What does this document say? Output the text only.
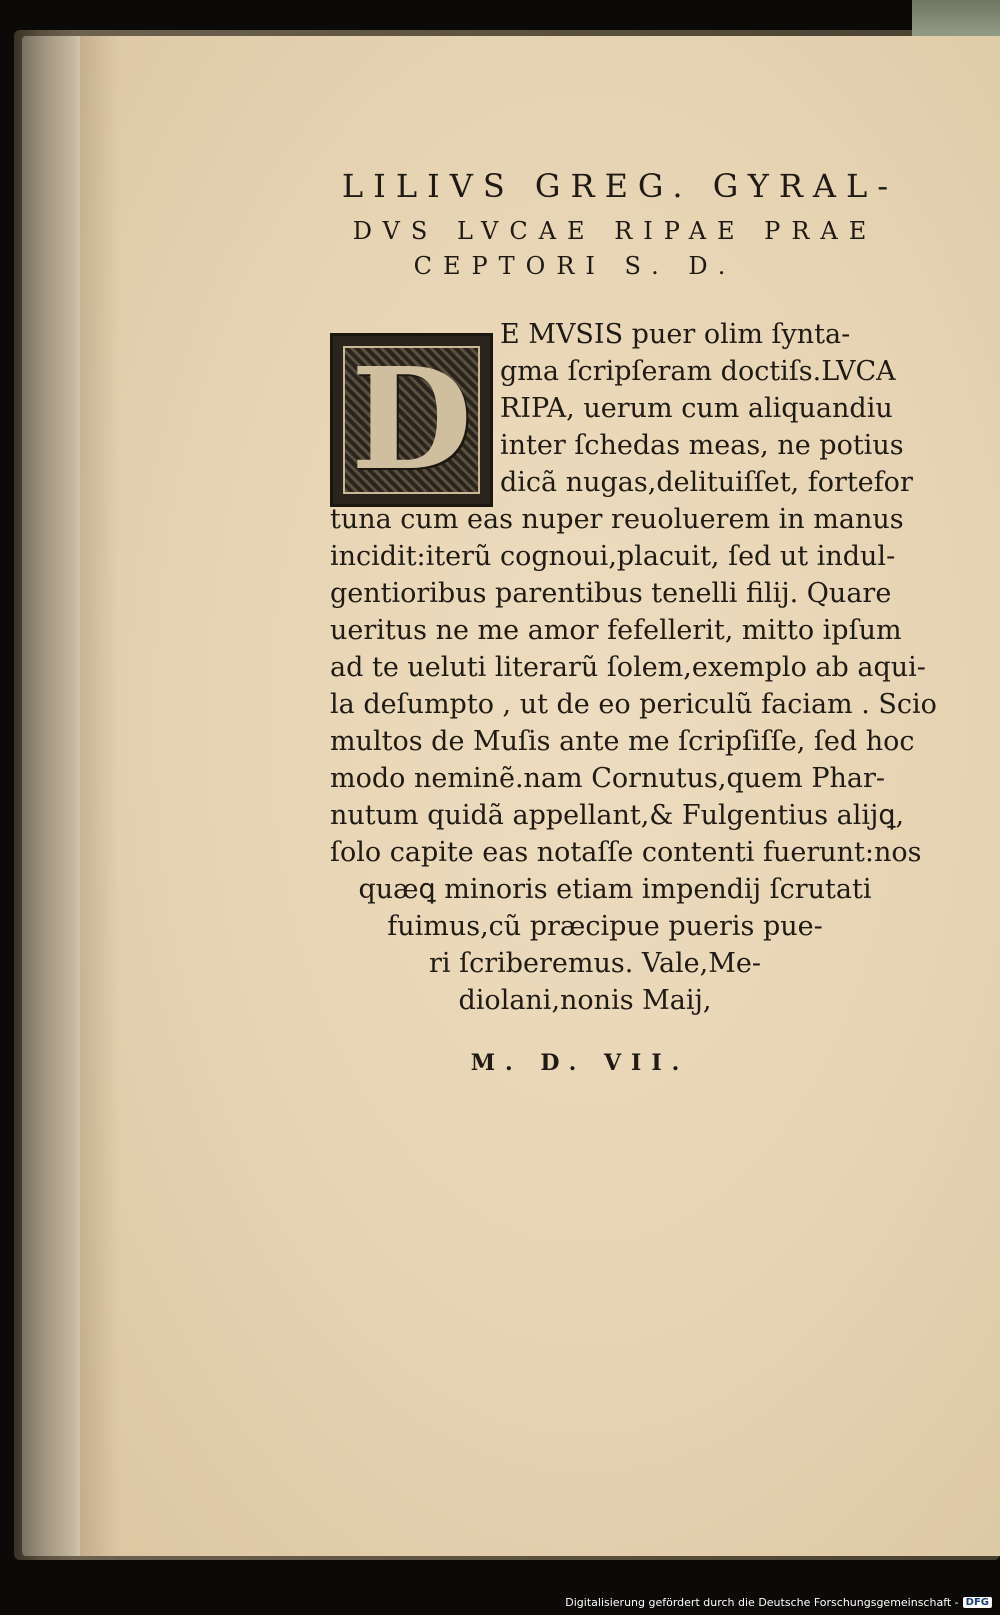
LILIVS GREG. GYRAL-
DVS LVCAE RIPAE PRAE
CEPTORI S. D.
D
E MVSIS puer olim ſynta-
gma ſcripſeram doctiſs.LVCA
RIPA, uerum cum aliquandiu
inter ſchedas meas, ne potius
dicã nugas,delituiſſet, fortefor
tuna cum eas nuper reuoluerem in manus
incidit:iterũ cognoui,placuit, ſed ut indul-
gentioribus parentibus tenelli filij. Quare
ueritus ne me amor fefellerit, mitto ipſum
ad te ueluti literarũ ſolem,exemplo ab aqui-
la deſumpto , ut de eo periculũ faciam . Scio
multos de Muſis ante me ſcripſiſſe, ſed hoc
modo neminẽ.nam Cornutus,quem Phar-
nutum quidã appellant,& Fulgentius alijꝗ,
ſolo capite eas notaſſe contenti fuerunt:nos
quæꝗ minoris etiam impendij ſcrutati
fuimus,cũ præcipue pueris pue-
ri ſcriberemus. Vale,Me-
diolani,nonis Maij,
M. D. VII.
Digitalisierung gefördert durch die Deutsche Forschungsgemeinschaft - DFG
